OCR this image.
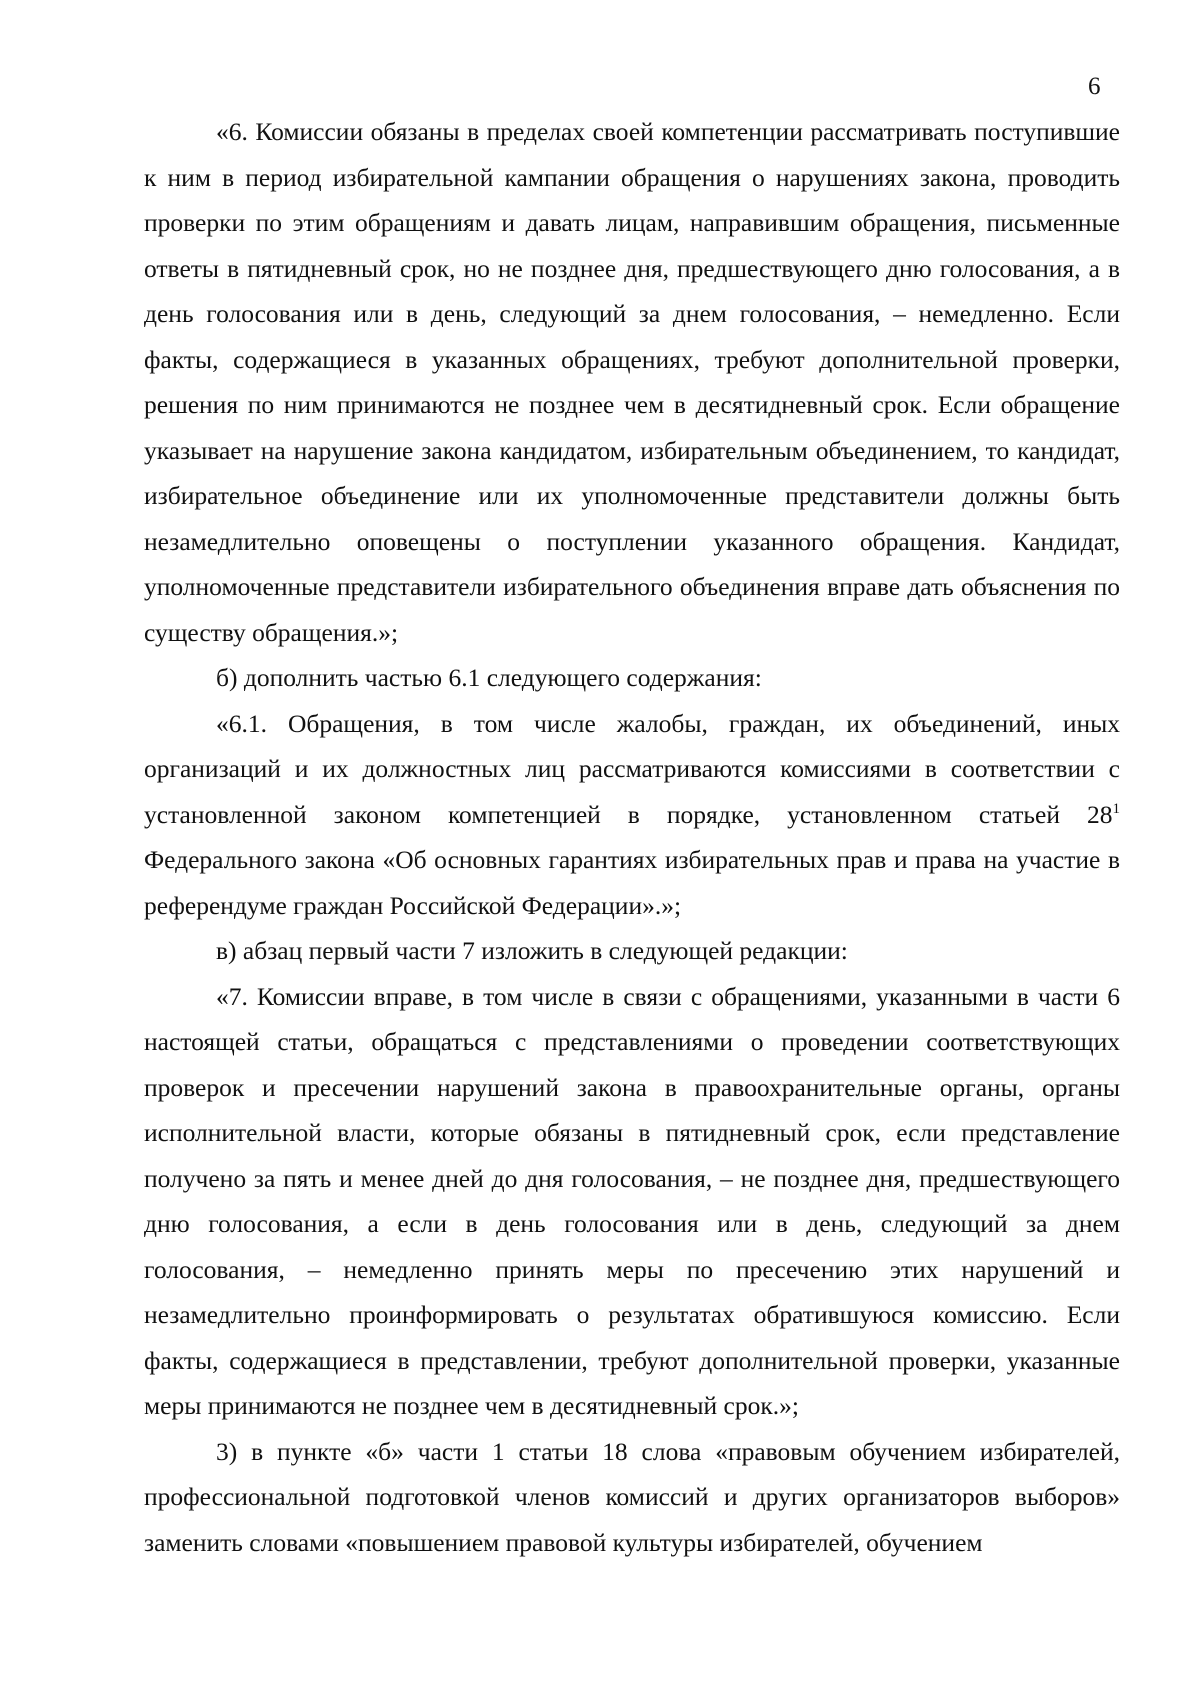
6

«6. Комиссии обязаны в пределах своей компетенции рассматривать поступившие к ним в период избирательной кампании обращения о нарушениях закона, проводить проверки по этим обращениям и давать лицам, направившим обращения, письменные ответы в пятидневный срок, но не позднее дня, предшествующего дню голосования, а в день голосования или в день, следующий за днем голосования, – немедленно. Если факты, содержащиеся в указанных обращениях, требуют дополнительной проверки, решения по ним принимаются не позднее чем в десятидневный срок. Если обращение указывает на нарушение закона кандидатом, избирательным объединением, то кандидат, избирательное объединение или их уполномоченные представители должны быть незамедлительно оповещены о поступлении указанного обращения. Кандидат, уполномоченные представители избирательного объединения вправе дать объяснения по существу обращения.»;

б) дополнить частью 6.1 следующего содержания:

«6.1. Обращения, в том числе жалобы, граждан, их объединений, иных организаций и их должностных лиц рассматриваются комиссиями в соответствии с установленной законом компетенцией в порядке, установленном статьей $28^1$ Федерального закона «Об основных гарантиях избирательных прав и права на участие в референдуме граждан Российской Федерации».»;

в) абзац первый части 7 изложить в следующей редакции:

«7. Комиссии вправе, в том числе в связи с обращениями, указанными в части 6 настоящей статьи, обращаться с представлениями о проведении соответствующих проверок и пресечении нарушений закона в правоохранительные органы, органы исполнительной власти, которые обязаны в пятидневный срок, если представление получено за пять и менее дней до дня голосования, – не позднее дня, предшествующего дню голосования, а если в день голосования или в день, следующий за днем голосования, – немедленно принять меры по пресечению этих нарушений и незамедлительно проинформировать о результатах обратившуюся комиссию. Если факты, содержащиеся в представлении, требуют дополнительной проверки, указанные меры принимаются не позднее чем в десятидневный срок.»;

3) в пункте «б» части 1 статьи 18 слова «правовым обучением избирателей, профессиональной подготовкой членов комиссий и других организаторов выборов» заменить словами «повышением правовой культуры избирателей, обучением
